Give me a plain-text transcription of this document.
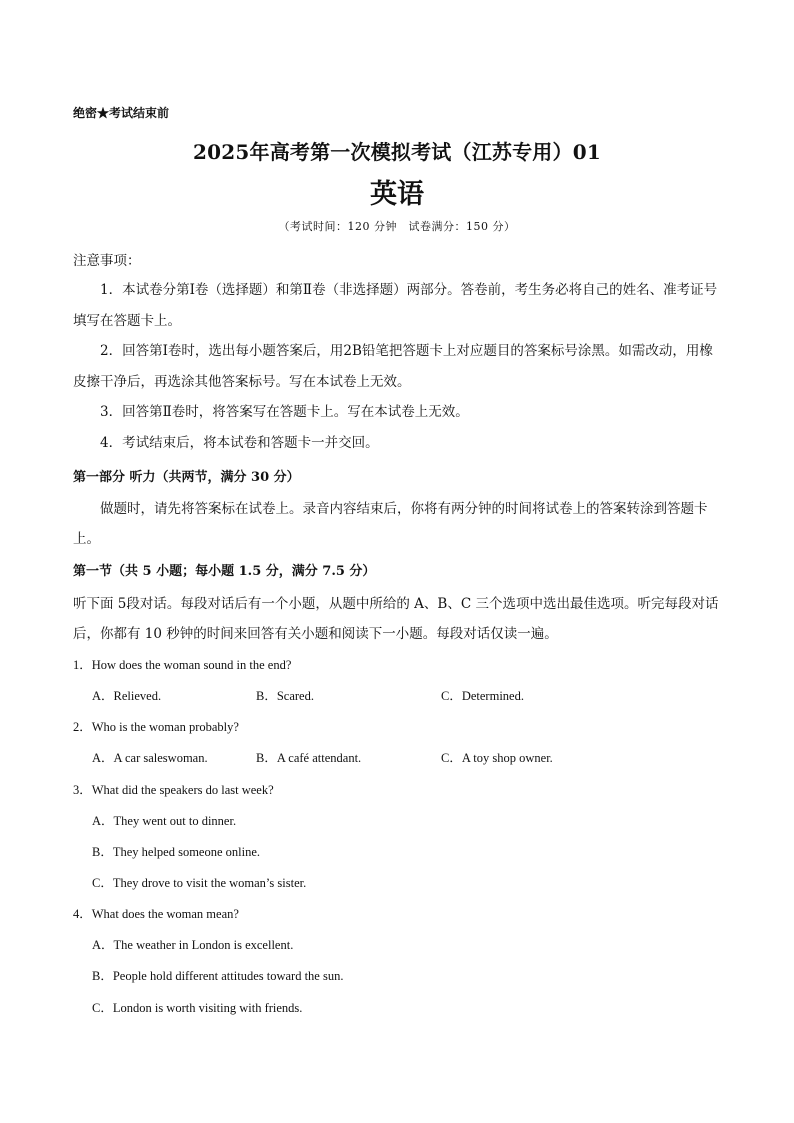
绝密★考试结束前
2025年高考第一次模拟考试（江苏专用）01
英语
（考试时间：120 分钟　试卷满分：150 分）
注意事项：
1．本试卷分第Ⅰ卷（选择题）和第Ⅱ卷（非选择题）两部分。答卷前，考生务必将自己的姓名、准考证号填写在答题卡上。
2．回答第Ⅰ卷时，选出每小题答案后，用2B铅笔把答题卡上对应题目的答案标号涂黑。如需改动，用橡皮擦干净后，再选涂其他答案标号。写在本试卷上无效。
3．回答第Ⅱ卷时，将答案写在答题卡上。写在本试卷上无效。
4．考试结束后，将本试卷和答题卡一并交回。
第一部分 听力（共两节，满分 30 分）
做题时，请先将答案标在试卷上。录音内容结束后，你将有两分钟的时间将试卷上的答案转涂到答题卡上。
第一节（共 5 小题；每小题 1.5 分，满分 7.5 分）
听下面 5段对话。每段对话后有一个小题，从题中所给的 A、B、C 三个选项中选出最佳选项。听完每段对话后，你都有 10 秒钟的时间来回答有关小题和阅读下一小题。每段对话仅读一遍。
1．How does the woman sound in the end?
A．Relieved.	B．Scared.	C．Determined.
2．Who is the woman probably?
A．A car saleswoman.	B．A café attendant.	C．A toy shop owner.
3．What did the speakers do last week?
A．They went out to dinner.
B．They helped someone online.
C．They drove to visit the woman’s sister.
4．What does the woman mean?
A．The weather in London is excellent.
B．People hold different attitudes toward the sun.
C．London is worth visiting with friends.
